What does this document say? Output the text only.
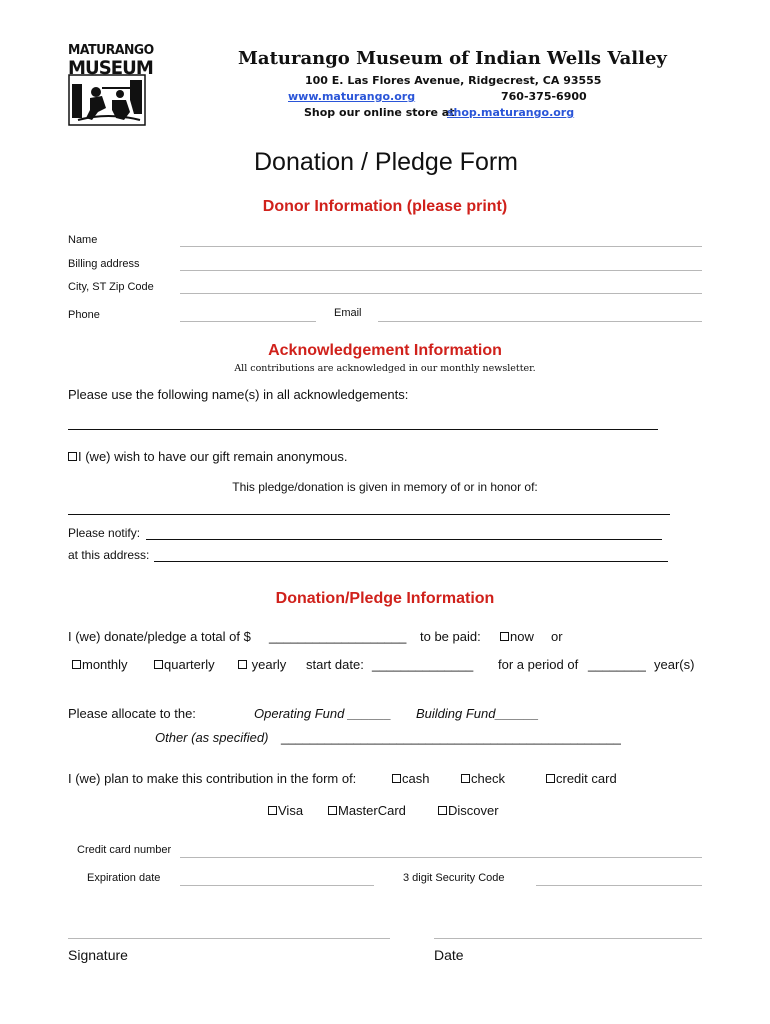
MATURANGO
MUSEUM	Maturango Museum of Indian Wells Valley
100 E. Las Flores Avenue, Ridgecrest, CA 93555
www.maturango.org	760-375-6900
Shop our online store at
shop.maturango.org
Donation / Pledge Form
Donor Information (please print)
Name
Billing address
City, ST Zip Code
Phone	Email
Acknowledgement Information
All contributions are acknowledged in our monthly newsletter.
Please use the following name(s) in all acknowledgements:
I (we) wish to have our gift remain anonymous.
This pledge/donation is given in memory of or in honor of:
Please notify:
at this address:
Donation/Pledge Information
I (we) donate/pledge a total of $ ___________________ to be paid:	now or
monthly	quarterly	yearly start date: ______________ for a period of ________ year(s)
Please allocate to the:	Operating Fund ______ Building Fund______
Other (as specified) _______________________________________________
I (we) plan to make this contribution in the form of:	cash	check	credit card
Visa	MasterCard	Discover
Credit card number
Expiration date	3 digit Security Code
Signature	Date
